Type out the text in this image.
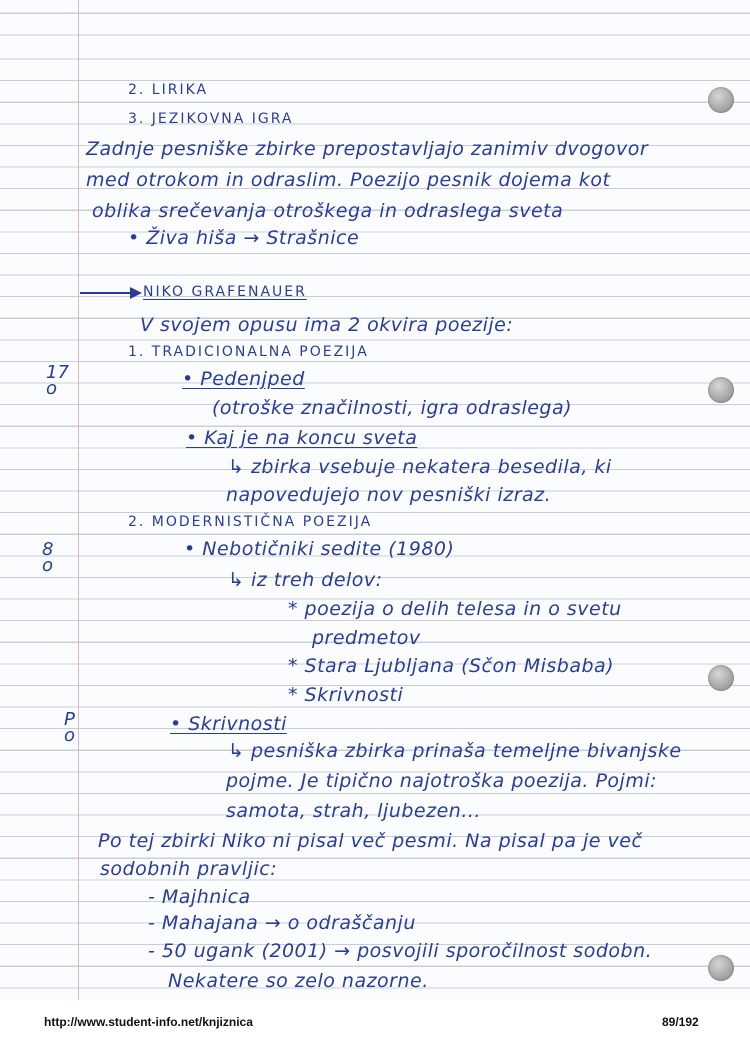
2. LIRIKA
3. JEZIKOVNA IGRA
Zadnje pesniške zbirke prepostavljajo zanimiv dvogovor
med otrokom in odraslim. Poezijo pesnik dojema kot
oblika srečevanja otroškega in odraslega sveta
• Živa hiša → Strašnice
NIKO GRAFENAUER
V svojem opusu ima 2 okvira poezije:
1. TRADICIONALNA POEZIJA
• Pedenjped
(otroške značilnosti, igra odraslega)
• Kaj je na koncu sveta
↳ zbirka vsebuje nekatera besedila, ki
napovedujejo nov pesniški izraz.
2. MODERNISTIČNA POEZIJA
• Nebotičniki sedite (1980)
↳ iz treh delov:
* poezija o delih telesa in o svetu
predmetov
* Stara Ljubljana (Sčon Misbaba)
* Skrivnosti
• Skrivnosti
↳ pesniška zbirka prinaša temeljne bivanjske
pojme. Je tipično najotroška poezija. Pojmi:
samota, strah, ljubezen...
Po tej zbirki Niko ni pisal več pesmi. Na pisal pa je več
sodobnih pravljic:
- Majhnica
- Mahajana → o odraščanju
- 50 ugank (2001) → posvojili sporočilnost sodobn.
Nekatere so zelo nazorne.
17
o
8
o
P
o
http://www.student-info.net/knjiznica	89/192
